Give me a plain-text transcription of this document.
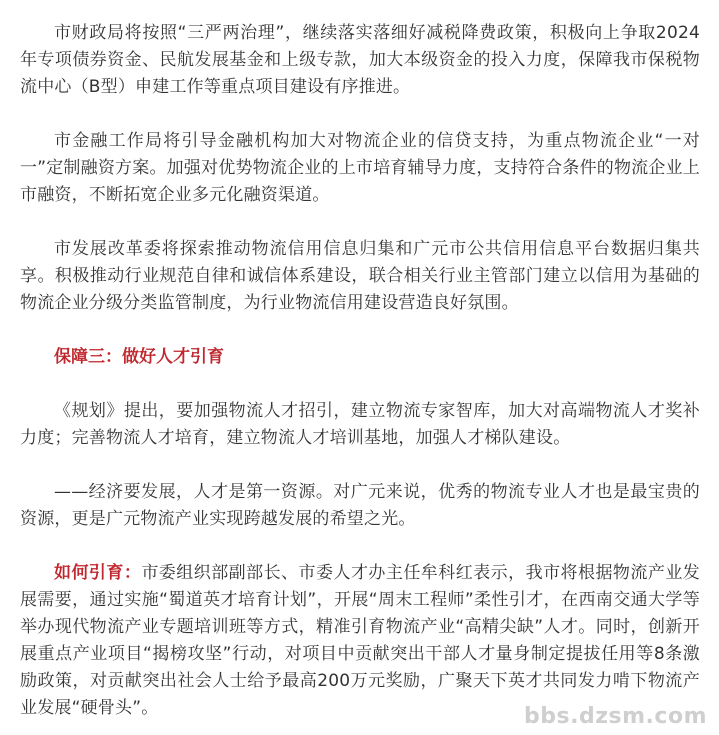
市财政局将按照“三严两治理”，继续落实落细好减税降费政策，积极向上争取2024年专项债券资金、民航发展基金和上级专款，加大本级资金的投入力度，保障我市保税物流中心（B型）申建工作等重点项目建设有序推进。

市金融工作局将引导金融机构加大对物流企业的信贷支持，为重点物流企业“一对一”定制融资方案。加强对优势物流企业的上市培育辅导力度，支持符合条件的物流企业上市融资，不断拓宽企业多元化融资渠道。

市发展改革委将探索推动物流信用信息归集和广元市公共信用信息平台数据归集共享。积极推动行业规范自律和诚信体系建设，联合相关行业主管部门建立以信用为基础的物流企业分级分类监管制度，为行业物流信用建设营造良好氛围。

保障三：做好人才引育

《规划》提出，要加强物流人才招引，建立物流专家智库，加大对高端物流人才奖补力度；完善物流人才培育，建立物流人才培训基地，加强人才梯队建设。

——经济要发展，人才是第一资源。对广元来说，优秀的物流专业人才也是最宝贵的资源，更是广元物流产业实现跨越发展的希望之光。

如何引育：市委组织部副部长、市委人才办主任牟科红表示，我市将根据物流产业发展需要，通过实施“蜀道英才培育计划”，开展“周末工程师”柔性引才，在西南交通大学等举办现代物流产业专题培训班等方式，精准引育物流产业“高精尖缺”人才。同时，创新开展重点产业项目“揭榜攻坚”行动，对项目中贡献突出干部人才量身制定提拔任用等8条激励政策，对贡献突出社会人士给予最高200万元奖励，广聚天下英才共同发力啃下物流产业发展“硬骨头”。	bbs.dzsm.com
